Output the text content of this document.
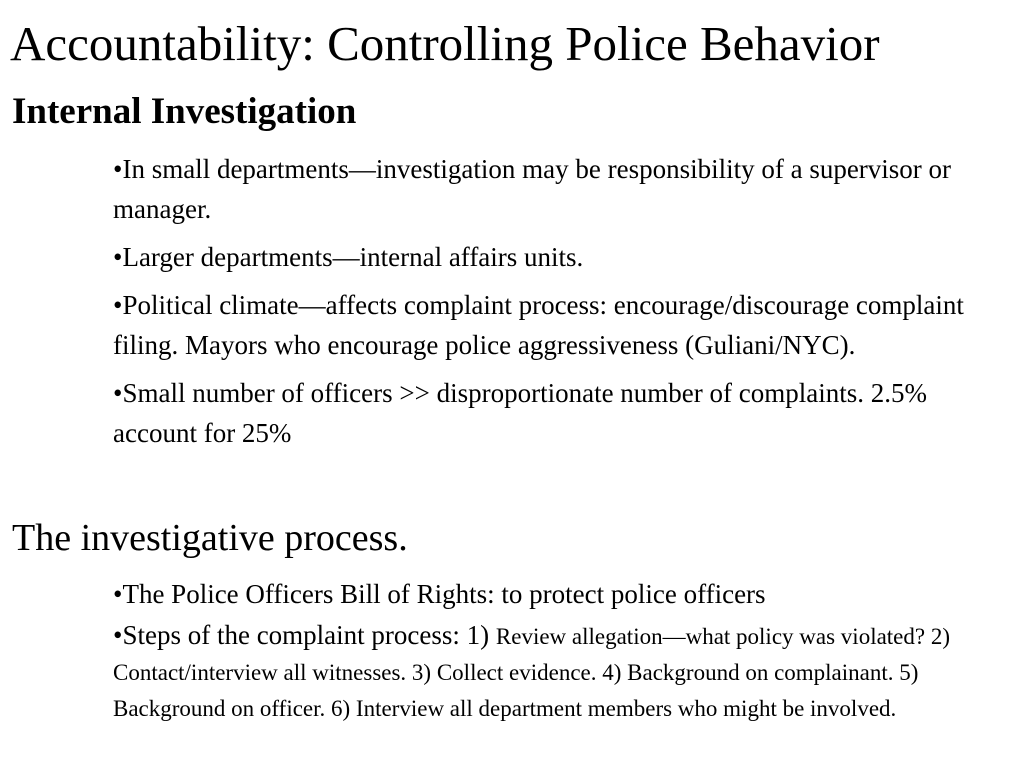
Accountability: Controlling Police Behavior
Internal Investigation
•In small departments—investigation may be responsibility of a supervisor or manager.
•Larger departments—internal affairs units.
•Political climate—affects complaint process: encourage/discourage complaint filing. Mayors who encourage police aggressiveness (Guliani/NYC).
•Small number of officers >> disproportionate number of complaints. 2.5% account for 25%
The investigative process.
•The Police Officers Bill of Rights: to protect police officers
•Steps of the complaint process: 1) Review allegation—what policy was violated? 2) Contact/interview all witnesses. 3) Collect evidence. 4) Background on complainant. 5) Background on officer. 6) Interview all department members who might be involved.
